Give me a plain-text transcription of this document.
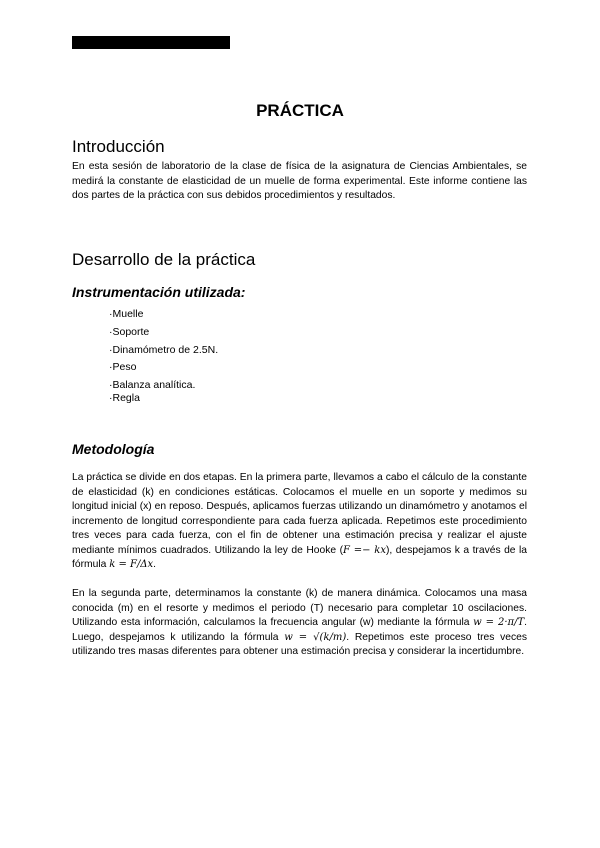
PRÁCTICA
Introducción

En esta sesión de laboratorio de la clase de física de la asignatura de Ciencias Ambientales, se medirá la constante de elasticidad de un muelle de forma experimental. Este informe contiene las dos partes de la práctica con sus debidos procedimientos y resultados.

Desarrollo de la práctica
Instrumentación utilizada:
·Muelle
·Soporte
·Dinamómetro de 2.5N.
·Peso
·Balanza analítica.
·Regla
Metodología

La práctica se divide en dos etapas. En la primera parte, llevamos a cabo el cálculo de la constante de elasticidad (k) en condiciones estáticas. Colocamos el muelle en un soporte y medimos su longitud inicial (x) en reposo. Después, aplicamos fuerzas utilizando un dinamómetro y anotamos el incremento de longitud correspondiente para cada fuerza aplicada. Repetimos este procedimiento tres veces para cada fuerza, con el fin de obtener una estimación precisa y realizar el ajuste mediante mínimos cuadrados. Utilizando la ley de Hooke (F =− kx), despejamos k a través de la fórmula k = F/Δx.

En la segunda parte, determinamos la constante (k) de manera dinámica. Colocamos una masa conocida (m) en el resorte y medimos el periodo (T) necesario para completar 10 oscilaciones. Utilizando esta información, calculamos la frecuencia angular (w) mediante la fórmula w = 2·π/T. Luego, despejamos k utilizando la fórmula w = √(k/m). Repetimos este proceso tres veces utilizando tres masas diferentes para obtener una estimación precisa y considerar la incertidumbre.
